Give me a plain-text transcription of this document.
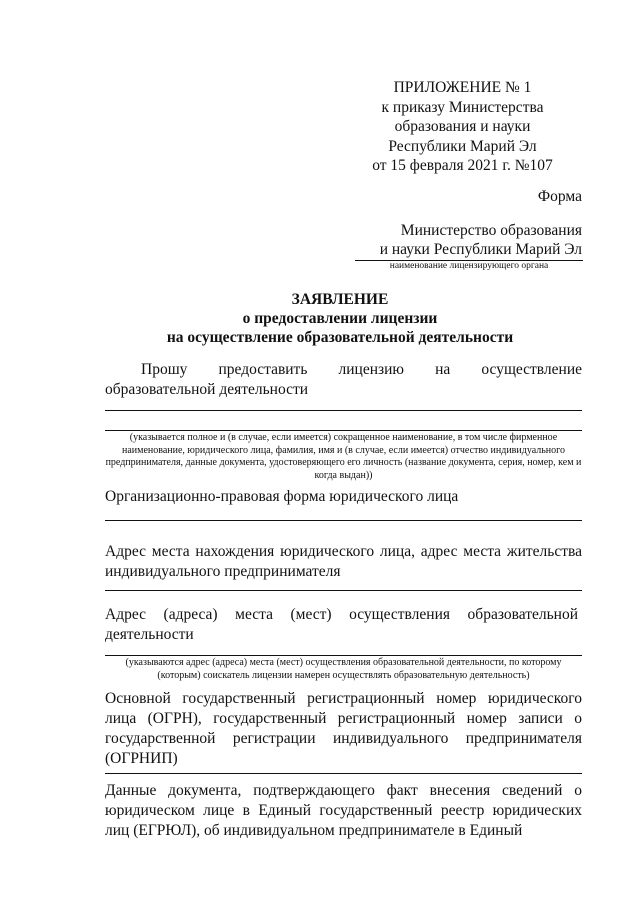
ПРИЛОЖЕНИЕ № 1
к приказу Министерства
образования и науки
Республики Марий Эл
от 15 февраля 2021 г. №107
Форма
Министерство образования
и науки Республики Марий Эл
наименование лицензирующего органа
ЗАЯВЛЕНИЕ
о предоставлении лицензии
на осуществление образовательной деятельности
Прошу предоставить лицензию на осуществление образовательной деятельности
(указывается полное и (в случае, если имеется) сокращенное наименование, в том числе фирменное наименование, юридического лица, фамилия, имя и (в случае, если имеется) отчество индивидуального предпринимателя, данные документа, удостоверяющего его личность (название документа, серия, номер, кем и когда выдан))
Организационно-правовая форма юридического лица
Адрес места нахождения юридического лица, адрес места жительства индивидуального предпринимателя
Адрес (адреса) места (мест) осуществления образовательной деятельности
(указываются адрес (адреса) места (мест) осуществления образовательной деятельности, по которому (которым) соискатель лицензии намерен осуществлять образовательную деятельность)
Основной государственный регистрационный номер юридического лица (ОГРН), государственный регистрационный номер записи о государственной регистрации индивидуального предпринимателя (ОГРНИП)
Данные документа, подтверждающего факт внесения сведений о юридическом лице в Единый государственный реестр юридических лиц (ЕГРЮЛ), об индивидуальном предпринимателе в Единый
